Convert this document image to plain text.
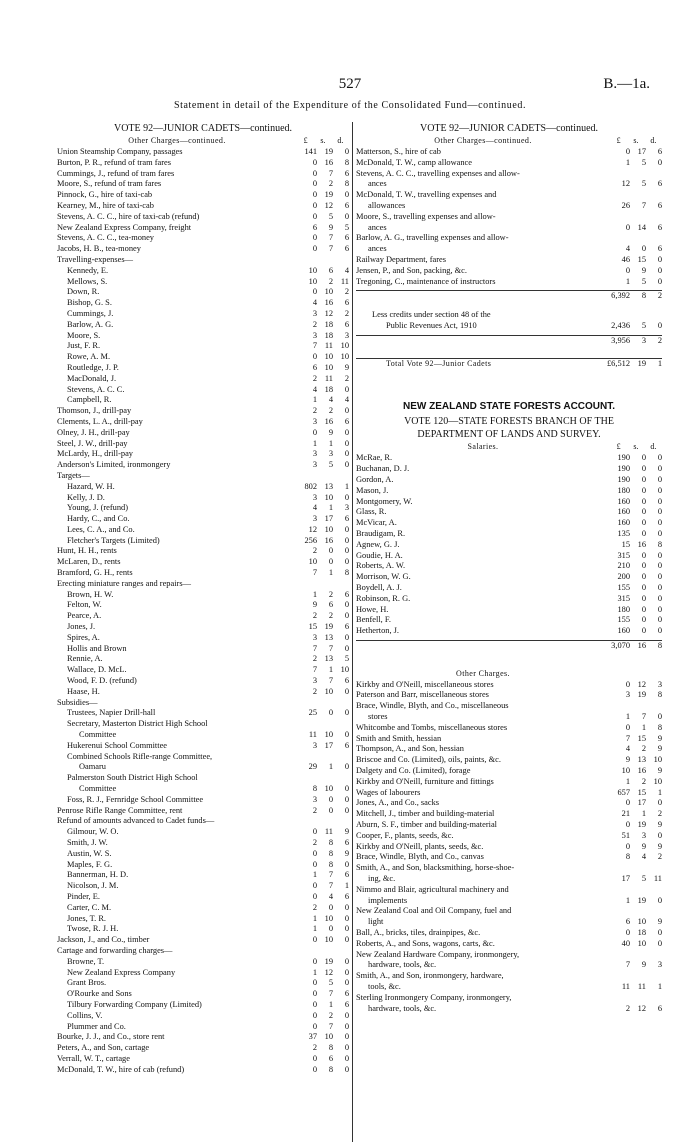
527	B.—1a.
Statement in detail of the Expenditure of the Consolidated Fund—continued.
VOTE 92—JUNIOR CADETS—continued.
Other Charges—continued.	£	s.	d.
Union Steamship Company, passages	141 19	0
Burton, P. R., refund of tram fares	0 16	8
Cummings, J., refund of tram fares	0	7	6
Moore, S., refund of tram fares	0	2	8
Pinnock, G., hire of taxi-cab	0 19	0
Kearney, M., hire of taxi-cab	0 12	6
Stevens, A. C. C., hire of taxi-cab (refund)	0	5	0
New Zealand Express Company, freight	6	9	5
Stevens, A. C. C., tea-money	0	7	6
Jacobs, H. B., tea-money	0	7	6
Travelling-expenses—
Kennedy, E.	10	6	4
Mellows, S.	10	2 11
Down, R.	0 10	2
Bishop, G. S.	4 16	6
Cummings, J.	3 12	2
Barlow, A. G.	2 18	6
Moore, S.	3 18	3
Just, F. R.	7 11 10
Rowe, A. M.	0 10 10
Routledge, J. P.	6 10	9
MacDonald, J.	2 11	2
Stevens, A. C. C.	4 18	0
Campbell, R.	1	4	4
Thomson, J., drill-pay	2	2	0
Clements, L. A., drill-pay	3 16	6
Olney, J. H., drill-pay	0	9	0
Steel, J. W., drill-pay	1	1	0
McLardy, H., drill-pay	3	3	0
Anderson's Limited, ironmongery	3	5	0
Targets—
Hazard, W. H.	802 13	1
Kelly, J. D.	3 10	0
Young, J. (refund)	4	1	3
Hardy, C., and Co.	3 17	6
Lees, C. A., and Co.	12 10	0
Fletcher's Targets (Limited)	256 16	0
Hunt, H. H., rents	2	0	0
McLaren, D., rents	10	0	0
Bramford, G. H., rents	7	1	8
Erecting miniature ranges and repairs—
Brown, H. W.	1	2	6
Felton, W.	9	6	0
Pearce, A.	2	2	0
Jones, J.	15 19	6
Spires, A.	3 13	0
Hollis and Brown	7	7	0
Rennie, A.	2 13	5
Wallace, D. McL.	7	1 10
Wood, F. D. (refund)	3	7	6
Haase, H.	2 10	0
Subsidies—
Trustees, Napier Drill-hall	25	0	0
Secretary, Masterton District High School
Committee	11 10	0
Hukerenui School Committee	3 17	6
Combined Schools Rifle-range Committee,
Oamaru	29	1	0
Palmerston South District High School
Committee	8 10	0
Foss, R. J., Fernridge School Committee	3	0	0
Penrose Rifle Range Committee, rent	2	0	0
Refund of amounts advanced to Cadet funds—
Gilmour, W. O.	0 11	9
Smith, J. W.	2	8	6
Austin, W. S.	0	8	9
Maples, F. G.	0	8	0
Bannerman, H. D.	1	7	6
Nicolson, J. M.	0	7	1
Pinder, E.	0	4	6
Carter, C. M.	2	0	0
Jones, T. R.	1 10	0
Twose, R. J. H.	1	0	0
Jackson, J., and Co., timber	0 10	0
Cartage and forwarding charges—
Browne, T.	0 19	0
New Zealand Express Company	1 12	0
Grant Bros.	0	5	0
O'Rourke and Sons	0	7	6
Tilbury Forwarding Company (Limited)	0	1	6
Collins, V.	0	2	0
Plummer and Co.	0	7	0
Bourke, J. J., and Co., store rent	37 10	0
Peters, A., and Son, cartage	2	8	0
Verrall, W. T., cartage	0	6	0
McDonald, T. W., hire of cab (refund)	0	8	0
VOTE 92—JUNIOR CADETS—continued.
Other Charges—continued.	£	s.	d.
Matterson, S., hire of cab	0 17	6
McDonald, T. W., camp allowance	1	5	0
Stevens, A. C. C., travelling expenses and allow-
ances	12	5	6
McDonald, T. W., travelling expenses and
allowances	26	7	6
Moore, S., travelling expenses and allow-
ances	0 14	6
Barlow, A. G., travelling expenses and allow-
ances	4	0	6
Railway Department, fares	46 15	0
Jensen, P., and Son, packing, &c.	0	9	0
Tregoning, C., maintenance of instructors	1	5	0
6,392	8	2
Less credits under section 48 of the
Public Revenues Act, 1910	2,436	5	0
3,956	3	2
Total Vote 92—Junior Cadets	£6,512 19	1
NEW ZEALAND STATE FORESTS ACCOUNT.
VOTE 120—STATE FORESTS BRANCH OF THE
DEPARTMENT OF LANDS AND SURVEY.
Salaries.	£	s.	d.
McRae, R.	190	0	0
Buchanan, D. J.	190	0	0
Gordon, A.	190	0	0
Mason, J.	180	0	0
Montgomery, W.	160	0	0
Glass, R.	160	0	0
McVicar, A.	160	0	0
Braudigam, R.	135	0	0
Agnew, G. J.	15 16	8
Goudie, H. A.	315	0	0
Roberts, A. W.	210	0	0
Morrison, W. G.	200	0	0
Boydell, A. J.	155	0	0
Robinson, R. G.	315	0	0
Howe, H.	180	0	0
Benfell, F.	155	0	0
Hetherton, J.	160	0	0
3,070 16	8
Other Charges.
Kirkby and O'Neill, miscellaneous stores	0 12	3
Paterson and Barr, miscellaneous stores	3 19	8
Brace, Windle, Blyth, and Co., miscellaneous
stores	1	7	0
Whitcombe and Tombs, miscellaneous stores	0	1	8
Smith and Smith, hessian	7 15	9
Thompson, A., and Son, hessian	4	2	9
Briscoe and Co. (Limited), oils, paints, &c.	9 13 10
Dalgety and Co. (Limited), forage	10 16	9
Kirkby and O'Neill, furniture and fittings	1	2 10
Wages of labourers	657 15	1
Jones, A., and Co., sacks	0 17	0
Mitchell, J., timber and building-material	21	1	2
Aburn, S. F., timber and building-material	0 19	9
Cooper, F., plants, seeds, &c.	51	3	0
Kirkby and O'Neill, plants, seeds, &c.	0	9	9
Brace, Windle, Blyth, and Co., canvas	8	4	2
Smith, A., and Son, blacksmithing, horse-shoe-
ing, &c.	17	5 11
Nimmo and Blair, agricultural machinery and
implements	1 19	0
New Zealand Coal and Oil Company, fuel and
light	6 10	9
Ball, A., bricks, tiles, drainpipes, &c.	0 18	0
Roberts, A., and Sons, wagons, carts, &c.	40 10	0
New Zealand Hardware Company, ironmongery,
hardware, tools, &c.	7	9	3
Smith, A., and Son, ironmongery, hardware,
tools, &c.	11 11	1
Sterling Ironmongery Company, ironmongery,
hardware, tools, &c.	2 12	6
